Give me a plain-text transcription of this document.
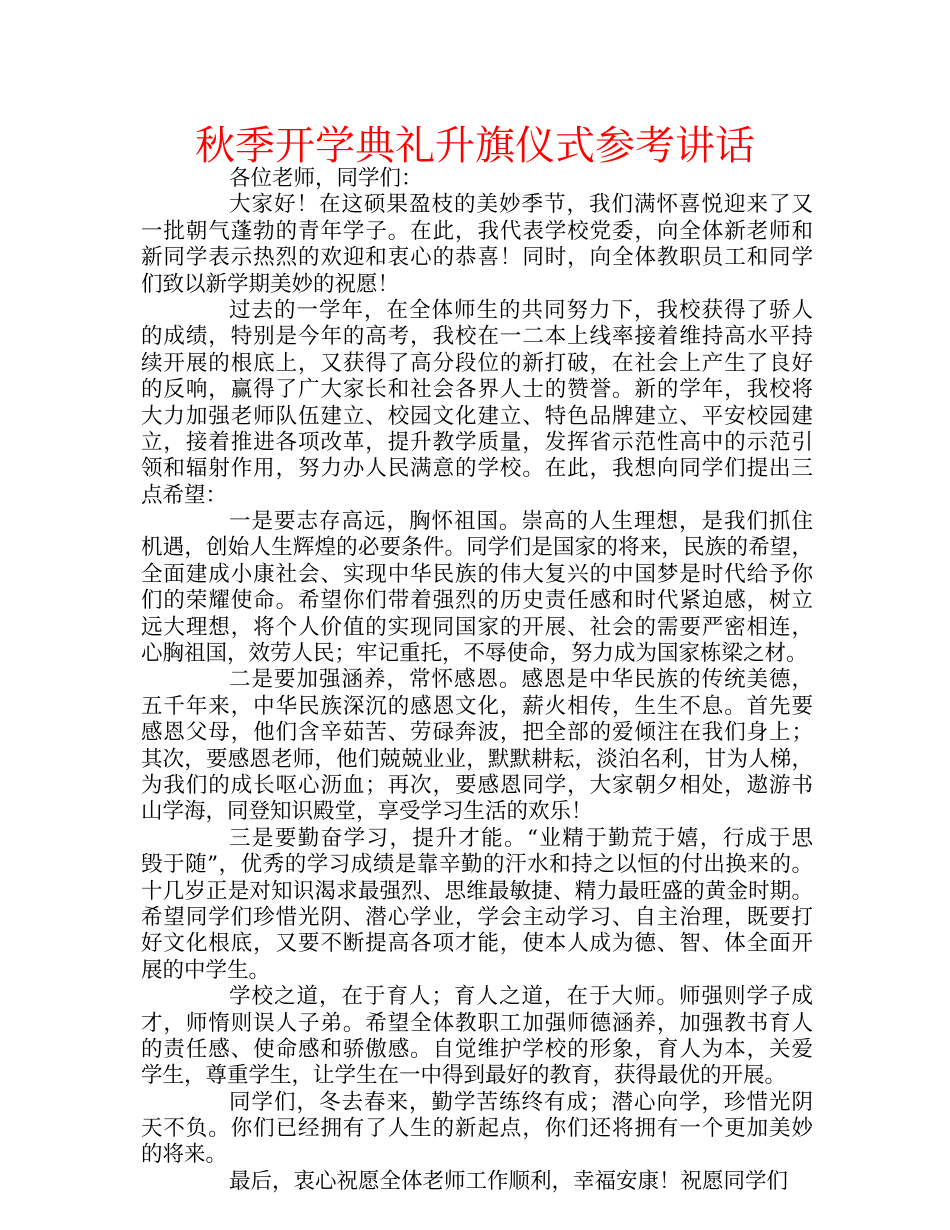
秋季开学典礼升旗仪式参考讲话
各位老师，同学们：
大家好！在这硕果盈枝的美妙季节，我们满怀喜悦迎来了又
一批朝气蓬勃的青年学子。在此，我代表学校党委，向全体新老师和
新同学表示热烈的欢迎和衷心的恭喜！同时，向全体教职员工和同学
们致以新学期美妙的祝愿！
过去的一学年，在全体师生的共同努力下，我校获得了骄人
的成绩，特别是今年的高考，我校在一二本上线率接着维持高水平持
续开展的根底上，又获得了高分段位的新打破，在社会上产生了良好
的反响，赢得了广大家长和社会各界人士的赞誉。新的学年，我校将
大力加强老师队伍建立、校园文化建立、特色品牌建立、平安校园建
立，接着推进各项改革，提升教学质量，发挥省示范性高中的示范引
领和辐射作用，努力办人民满意的学校。在此，我想向同学们提出三
点希望：
一是要志存高远，胸怀祖国。崇高的人生理想，是我们抓住
机遇，创始人生辉煌的必要条件。同学们是国家的将来，民族的希望，
全面建成小康社会、实现中华民族的伟大复兴的中国梦是时代给予你
们的荣耀使命。希望你们带着强烈的历史责任感和时代紧迫感，树立
远大理想，将个人价值的实现同国家的开展、社会的需要严密相连，
心胸祖国，效劳人民；牢记重托，不辱使命，努力成为国家栋梁之材。
二是要加强涵养，常怀感恩。感恩是中华民族的传统美德，
五千年来，中华民族深沉的感恩文化，薪火相传，生生不息。首先要
感恩父母，他们含辛茹苦、劳碌奔波，把全部的爱倾注在我们身上；
其次，要感恩老师，他们兢兢业业，默默耕耘，淡泊名利，甘为人梯，
为我们的成长呕心沥血；再次，要感恩同学，大家朝夕相处，遨游书
山学海，同登知识殿堂，享受学习生活的欢乐！
三是要勤奋学习，提升才能。“业精于勤荒于嬉，行成于思
毁于随”，优秀的学习成绩是靠辛勤的汗水和持之以恒的付出换来的。
十几岁正是对知识渴求最强烈、思维最敏捷、精力最旺盛的黄金时期。
希望同学们珍惜光阴、潜心学业，学会主动学习、自主治理，既要打
好文化根底，又要不断提高各项才能，使本人成为德、智、体全面开
展的中学生。
学校之道，在于育人；育人之道，在于大师。师强则学子成
才，师惰则误人子弟。希望全体教职工加强师德涵养，加强教书育人
的责任感、使命感和骄傲感。自觉维护学校的形象，育人为本，关爱
学生，尊重学生，让学生在一中得到最好的教育，获得最优的开展。
同学们，冬去春来，勤学苦练终有成；潜心向学，珍惜光阴
天不负。你们已经拥有了人生的新起点，你们还将拥有一个更加美妙
的将来。
最后，衷心祝愿全体老师工作顺利，幸福安康！祝愿同学们
